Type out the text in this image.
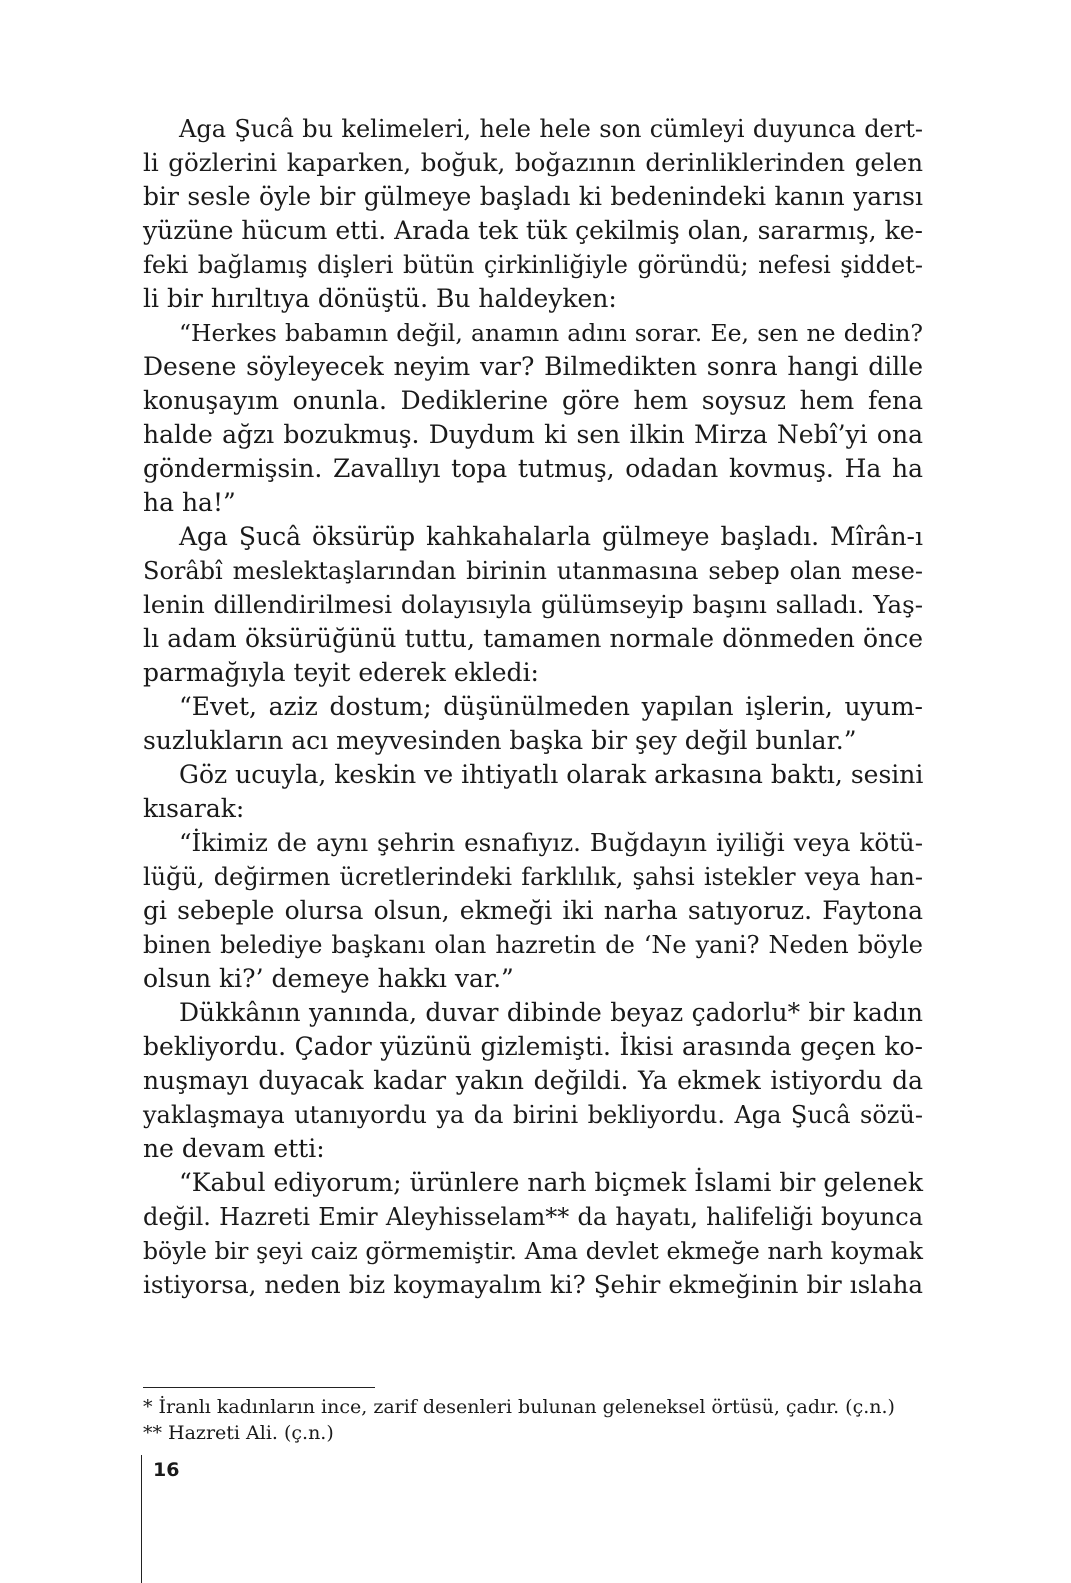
Aga Şucâ bu kelimeleri, hele hele son cümleyi duyunca dert-
li gözlerini kaparken, boğuk, boğazının derinliklerinden gelen
bir sesle öyle bir gülmeye başladı ki bedenindeki kanın yarısı
yüzüne hücum etti. Arada tek tük çekilmiş olan, sararmış, ke-
feki bağlamış dişleri bütün çirkinliğiyle göründü; nefesi şiddet-
li bir hırıltıya dönüştü. Bu haldeyken:
“Herkes babamın değil, anamın adını sorar. Ee, sen ne dedin?
Desene söyleyecek neyim var? Bilmedikten sonra hangi dille
konuşayım onunla. Dediklerine göre hem soysuz hem fena
halde ağzı bozukmuş. Duydum ki sen ilkin Mirza Nebî’yi ona
göndermişsin. Zavallıyı topa tutmuş, odadan kovmuş. Ha ha
ha ha!”
Aga Şucâ öksürüp kahkahalarla gülmeye başladı. Mîrân-ı
Sorâbî meslektaşlarından birinin utanmasına sebep olan mese-
lenin dillendirilmesi dolayısıyla gülümseyip başını salladı. Yaş-
lı adam öksürüğünü tuttu, tamamen normale dönmeden önce
parmağıyla teyit ederek ekledi:
“Evet, aziz dostum; düşünülmeden yapılan işlerin, uyum-
suzlukların acı meyvesinden başka bir şey değil bunlar.”
Göz ucuyla, keskin ve ihtiyatlı olarak arkasına baktı, sesini
kısarak:
“İkimiz de aynı şehrin esnafıyız. Buğdayın iyiliği veya kötü-
lüğü, değirmen ücretlerindeki farklılık, şahsi istekler veya han-
gi sebeple olursa olsun, ekmeği iki narha satıyoruz. Faytona
binen belediye başkanı olan hazretin de ‘Ne yani? Neden böyle
olsun ki?’ demeye hakkı var.”
Dükkânın yanında, duvar dibinde beyaz çadorlu* bir kadın
bekliyordu. Çador yüzünü gizlemişti. İkisi arasında geçen ko-
nuşmayı duyacak kadar yakın değildi. Ya ekmek istiyordu da
yaklaşmaya utanıyordu ya da birini bekliyordu. Aga Şucâ sözü-
ne devam etti:
“Kabul ediyorum; ürünlere narh biçmek İslami bir gelenek
değil. Hazreti Emir Aleyhisselam** da hayatı, halifeliği boyunca
böyle bir şeyi caiz görmemiştir. Ama devlet ekmeğe narh koymak
istiyorsa, neden biz koymayalım ki? Şehir ekmeğinin bir ıslaha
* İranlı kadınların ince, zarif desenleri bulunan geleneksel örtüsü, çadır. (ç.n.)
** Hazreti Ali. (ç.n.)
16
